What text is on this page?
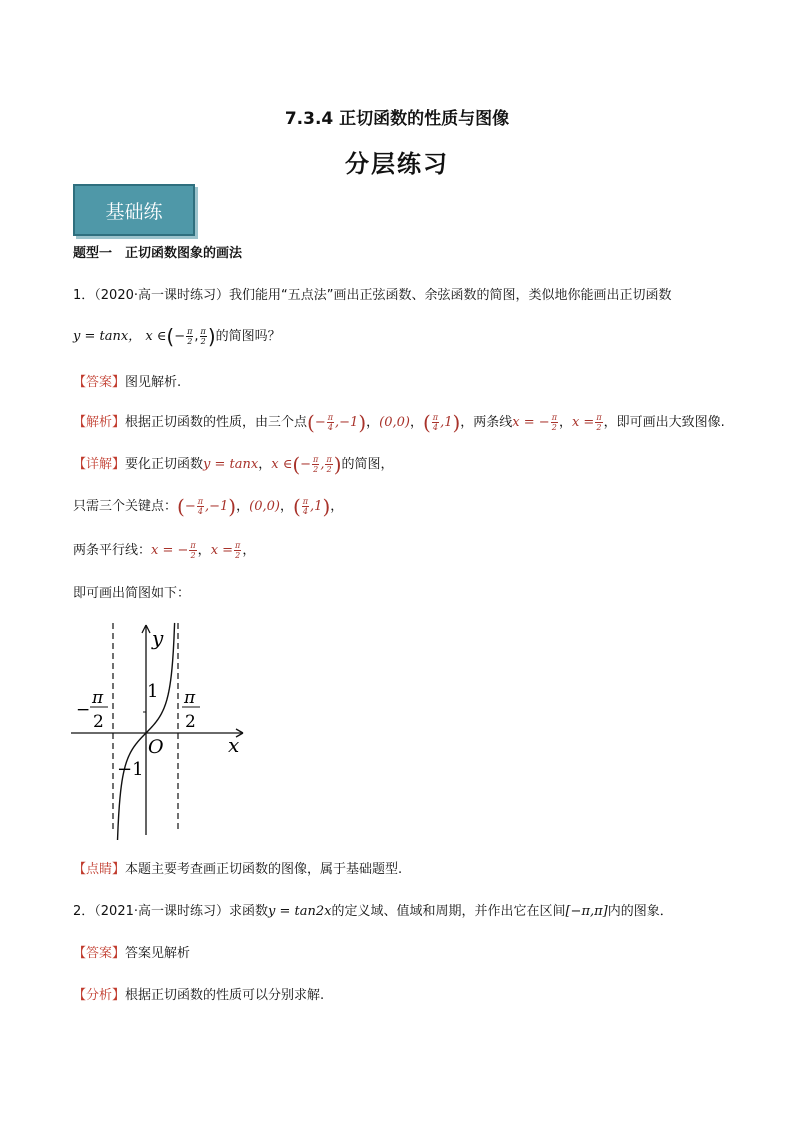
7.3.4 正切函数的性质与图像
分层练习
基础练
题型一　正切函数图象的画法
1．（2020·高一课时练习）我们能用“五点法”画出正弦函数、余弦函数的简图，类似地你能画出正切函数
y = tanx， x ∈(− $\frac{\pi}{2}$ , $\frac{\pi}{2}$ )的简图吗？
【答案】图见解析.
【解析】根据正切函数的性质，由三个点(− $\frac{\pi}{4} ,-1$)，(0,0)，( $\frac{\pi}{4} ,1$)，两条线x = − $\frac{\pi}{2}$ ，$x = \frac{\pi}{2}$ ，即可画出大致图像.
【详解】要化正切函数y = tanx，x ∈(− $\frac{\pi}{2}$ , $\frac{\pi}{2}$ )的简图，
只需三个关键点：(− $\frac{\pi}{4} ,-1$)，(0,0)，( $\frac{\pi}{4} ,1$)，
两条平行线：x = − $\frac{\pi}{2}$ ，$x = \frac{\pi}{2}$ ，
即可画出简图如下：
y
x
O
1
−1
−
π
2
π
2
【点睛】本题主要考查画正切函数的图像，属于基础题型.
2．（2021·高一课时练习）求函数y = tan2x的定义域、值域和周期，并作出它在区间[−π,π]内的图象．
【答案】答案见解析
【分析】根据正切函数的性质可以分别求解.
